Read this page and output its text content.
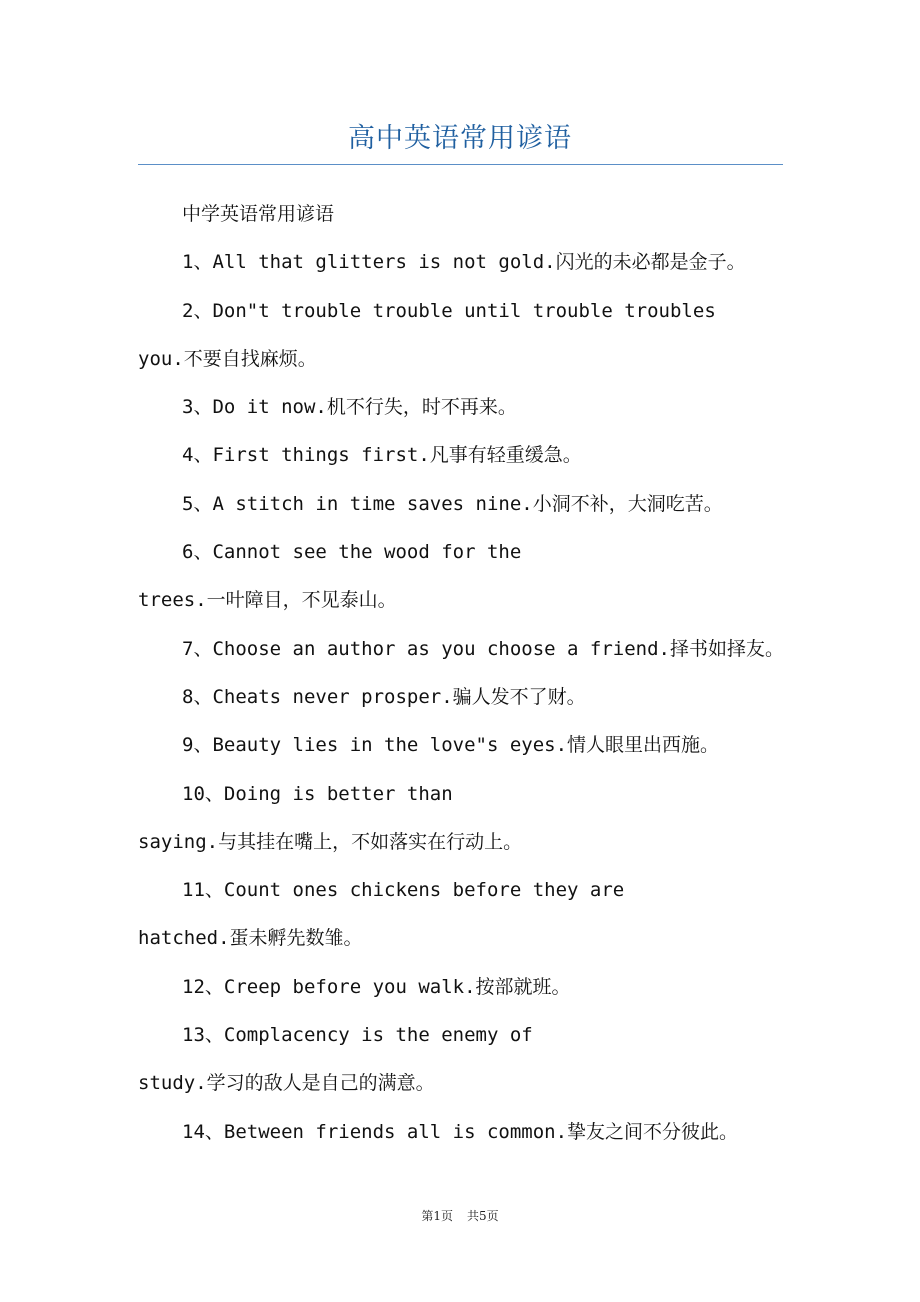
高中英语常用谚语

中学英语常用谚语

1、All that glitters is not gold.闪光的未必都是金子。

2、Don"t trouble trouble until trouble troubles

you.不要自找麻烦。

3、Do it now.机不行失，时不再来。

4、First things first.凡事有轻重缓急。

5、A stitch in time saves nine.小洞不补，大洞吃苦。

6、Cannot see the wood for the

trees.一叶障目，不见泰山。

7、Choose an author as you choose a friend.择书如择友。

8、Cheats never prosper.骗人发不了财。

9、Beauty lies in the love"s eyes.情人眼里出西施。

10、Doing is better than

saying.与其挂在嘴上，不如落实在行动上。

11、Count ones chickens before they are

hatched.蛋未孵先数雏。

12、Creep before you walk.按部就班。

13、Complacency is the enemy of

study.学习的敌人是自己的满意。

14、Between friends all is common.挚友之间不分彼此。

第1页 共5页
